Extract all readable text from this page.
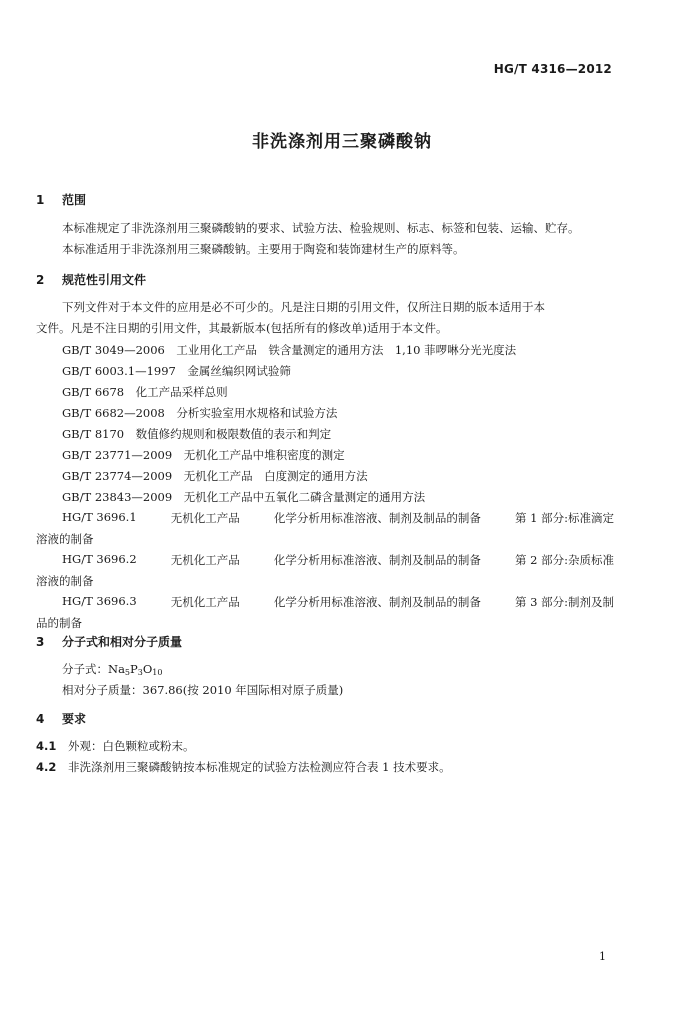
HG/T 4316—2012
非洗涤剂用三聚磷酸钠
1 范围
本标准规定了非洗涤剂用三聚磷酸钠的要求、试验方法、检验规则、标志、标签和包装、运输、贮存。
本标准适用于非洗涤剂用三聚磷酸钠。主要用于陶瓷和装饰建材生产的原料等。
2 规范性引用文件
下列文件对于本文件的应用是必不可少的。凡是注日期的引用文件，仅所注日期的版本适用于本
文件。凡是不注日期的引用文件，其最新版本(包括所有的修改单)适用于本文件。
GB/T 3049—2006　工业用化工产品　铁含量测定的通用方法　1,10 菲啰啉分光光度法
GB/T 6003.1—1997　金属丝编织网试验筛
GB/T 6678　化工产品采样总则
GB/T 6682—2008　分析实验室用水规格和试验方法
GB/T 8170　数值修约规则和极限数值的表示和判定
GB/T 23771—2009　无机化工产品中堆积密度的测定
GB/T 23774—2009　无机化工产品　白度测定的通用方法
GB/T 23843—2009　无机化工产品中五氧化二磷含量测定的通用方法
HG/T 3696.1	无机化工产品	化学分析用标准溶液、制剂及制品的制备	第 1 部分:标准滴定
溶液的制备
HG/T 3696.2	无机化工产品	化学分析用标准溶液、制剂及制品的制备	第 2 部分:杂质标准
溶液的制备
HG/T 3696.3	无机化工产品	化学分析用标准溶液、制剂及制品的制备	第 3 部分:制剂及制
品的制备
3 分子式和相对分子质量
分子式：$Na_5P_3O_{10}$
相对分子质量：367.86(按 2010 年国际相对原子质量)
4 要求
4.1 外观：白色颗粒或粉末。
4.2 非洗涤剂用三聚磷酸钠按本标准规定的试验方法检测应符合表 1 技术要求。
1
